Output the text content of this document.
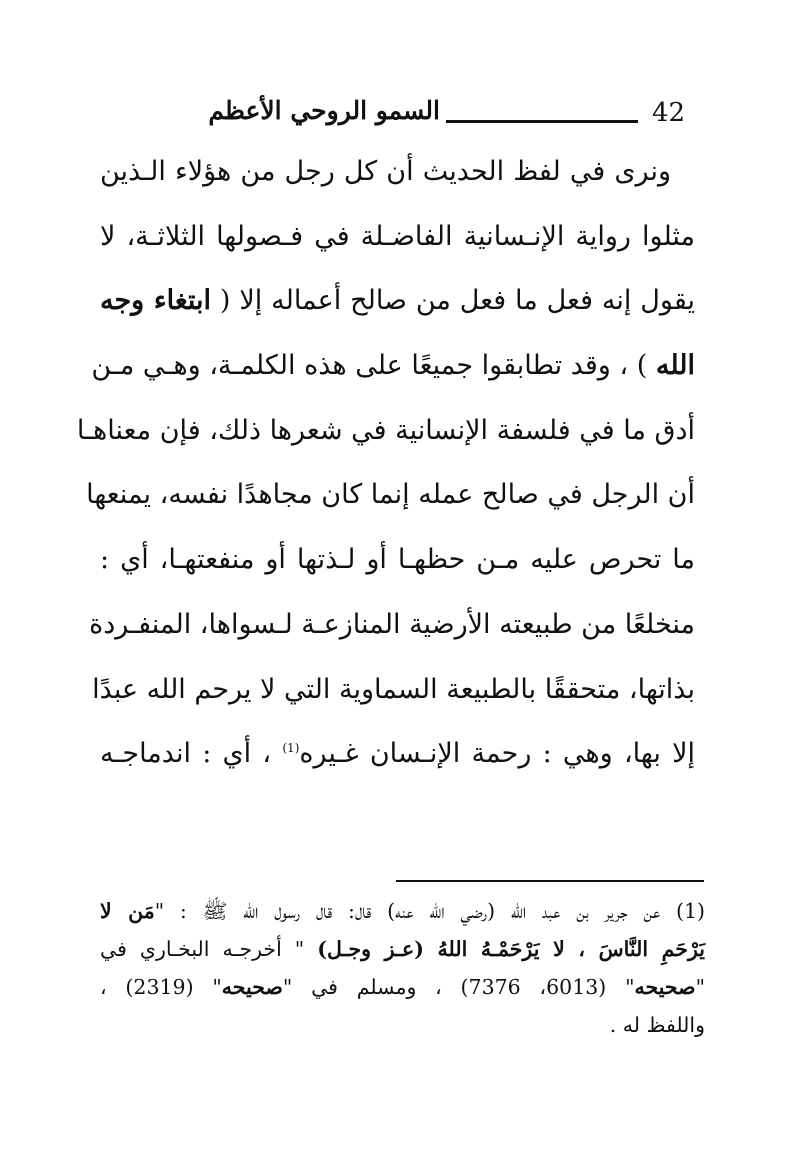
42
السمو الروحي الأعظم
ونرى في لفظ الحديث أن كل رجل من هؤلاء الـذين
مثلوا رواية الإنـسانية الفاضـلة في فـصولها الثلاثـة، لا
يقول إنه فعل ما فعل من صالح أعماله إلا ( ابتغاء وجه
الله ) ، وقد تطابقوا جميعًا على هذه الكلمـة، وهـي مـن
أدق ما في فلسفة الإنسانية في شعرها ذلك، فإن معناهـا
أن الرجل في صالح عمله إنما كان مجاهدًا نفسه، يمنعها
ما تحرص عليه مـن حظهـا أو لـذتها أو منفعتهـا، أي :
منخلعًا من طبيعته الأرضية المنازعـة لـسواها، المنفـردة
بذاتها، متحققًا بالطبيعة السماوية التي لا يرحم الله عبدًا
إلا بها، وهي : رحمة الإنـسان غـيره$^{(1)}$ ، أي : اندماجـه
(1) عن جرير بن عبد الله (رضي الله عنه) قال: قال رسول الله ﷺ : "مَن لا
يَرْحَمِ النَّاسَ ، لا يَرْحَمْـهُ اللهُ (عـز وجـل) " أخرجـه البخـاري في
"صحيحه" (6013، 7376) ، ومسلم في "صحيحه" (2319) ،
واللفظ له .
